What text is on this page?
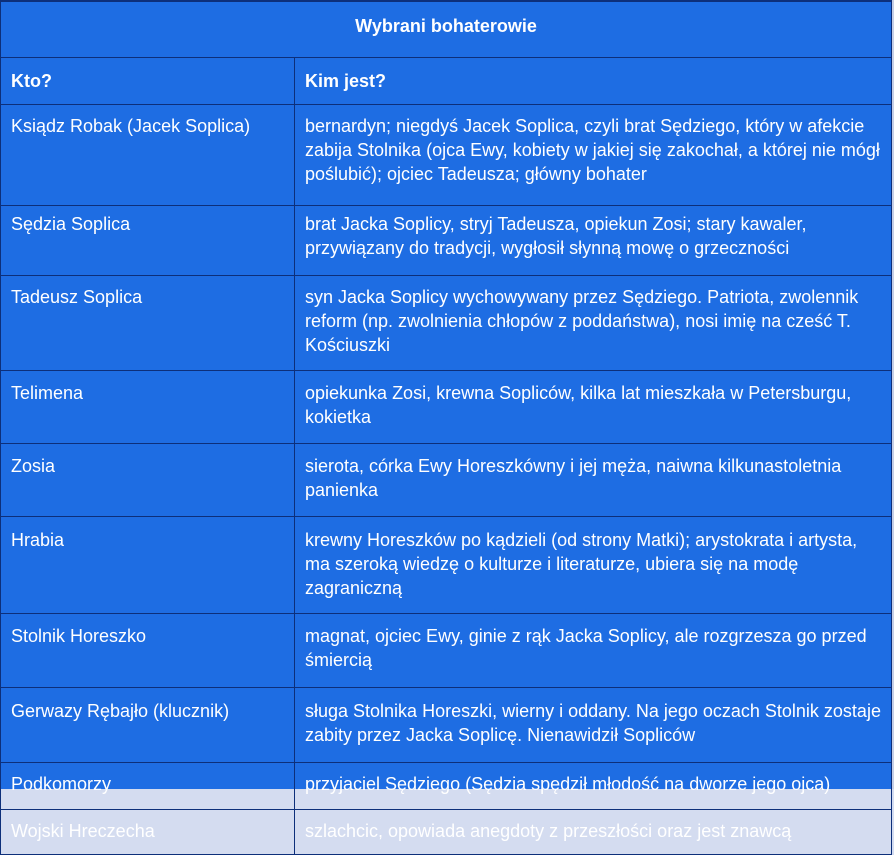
Wybrani bohaterowie	
Kto?	Kim jest?
Ksiądz Robak (Jacek Soplica)	bernardyn; niegdyś Jacek Soplica, czyli brat Sędziego, który w afekcie zabija Stolnika (ojca Ewy, kobiety w jakiej się zakochał, a której nie mógł poślubić); ojciec Tadeusza; główny bohater
Sędzia Soplica	brat Jacka Soplicy, stryj Tadeusza, opiekun Zosi; stary kawaler, przywiązany do tradycji, wygłosił słynną mowę o grzeczności
Tadeusz Soplica	syn Jacka Soplicy wychowywany przez Sędziego. Patriota, zwolennik reform (np. zwolnienia chłopów z poddaństwa), nosi imię na cześć T. Kościuszki
Telimena	opiekunka Zosi, krewna Sopliców, kilka lat mieszkała w Petersburgu, kokietka
Zosia	sierota, córka Ewy Horeszkówny i jej męża, naiwna kilkunastoletnia panienka
Hrabia	krewny Horeszków po kądzieli (od strony Matki); arystokrata i artysta, ma szeroką wiedzę o kulturze i literaturze, ubiera się na modę zagraniczną
Stolnik Horeszko	magnat, ojciec Ewy, ginie z rąk Jacka Soplicy, ale rozgrzesza go przed śmiercią
Gerwazy Rębajło (klucznik)	sługa Stolnika Horeszki, wierny i oddany. Na jego oczach Stolnik zostaje zabity przez Jacka Soplicę. Nienawidził Sopliców
Podkomorzy	przyjaciel Sędziego (Sędzia spędził młodość na dworze jego ojca)
Wojski Hreczecha	szlachcic, opowiada anegdoty z przeszłości oraz jest znawcą
